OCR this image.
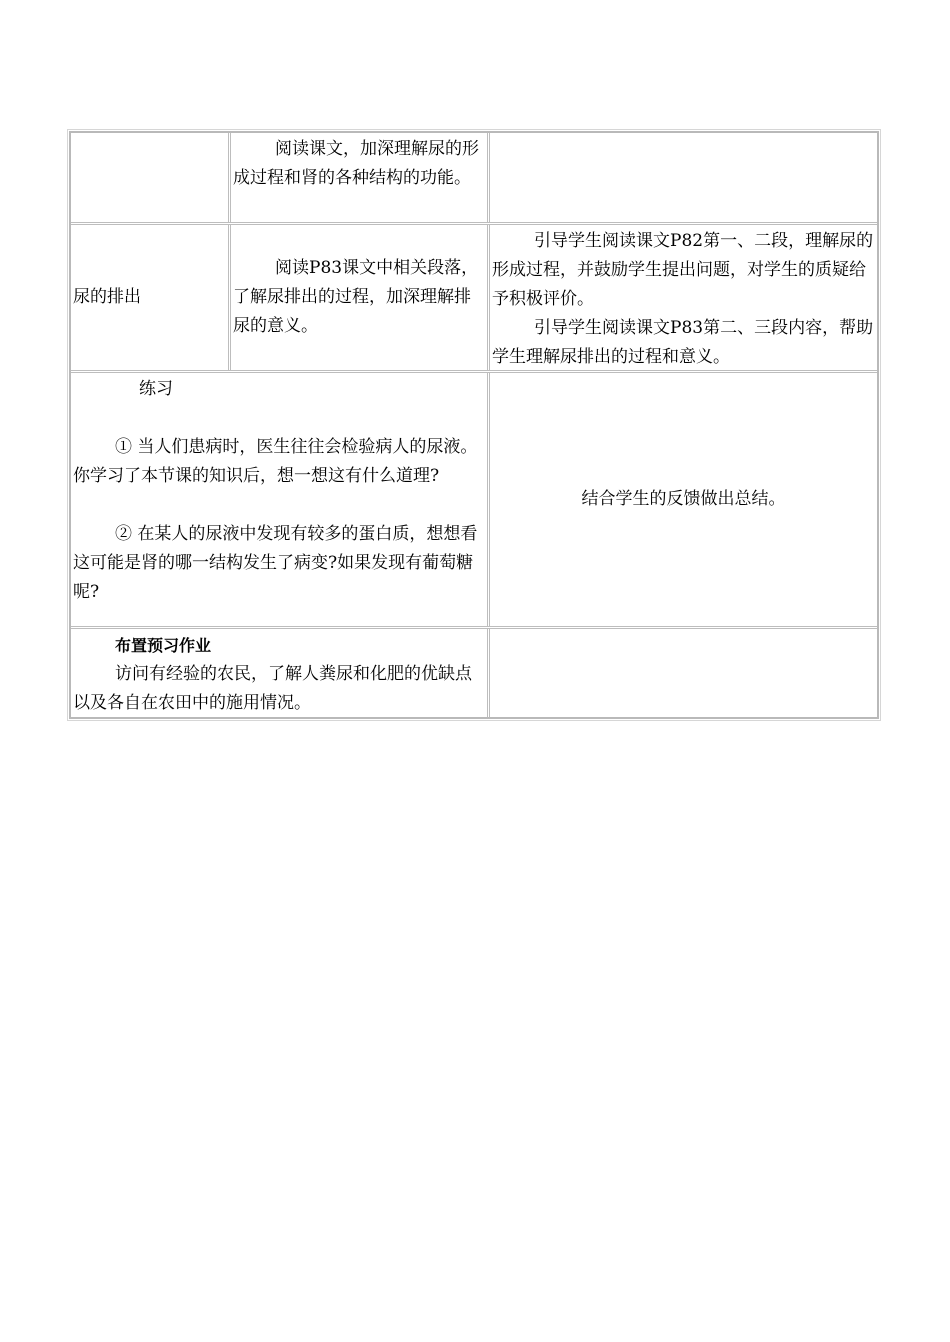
阅读课文，加深理解尿的形成过程和肾的各种结构的功能。

尿的排出

阅读P83课文中相关段落，了解尿排出的过程，加深理解排尿的意义。

引导学生阅读课文P82第一、二段，理解尿的形成过程，并鼓励学生提出问题，对学生的质疑给予积极评价。

引导学生阅读课文P83第二、三段内容，帮助学生理解尿排出的过程和意义。

练习

① 当人们患病时，医生往往会检验病人的尿液。你学习了本节课的知识后，想一想这有什么道理?

② 在某人的尿液中发现有较多的蛋白质，想想看这可能是肾的哪一结构发生了病变?如果发现有葡萄糖呢?

结合学生的反馈做出总结。

布置预习作业

访问有经验的农民，了解人粪尿和化肥的优缺点以及各自在农田中的施用情况。
